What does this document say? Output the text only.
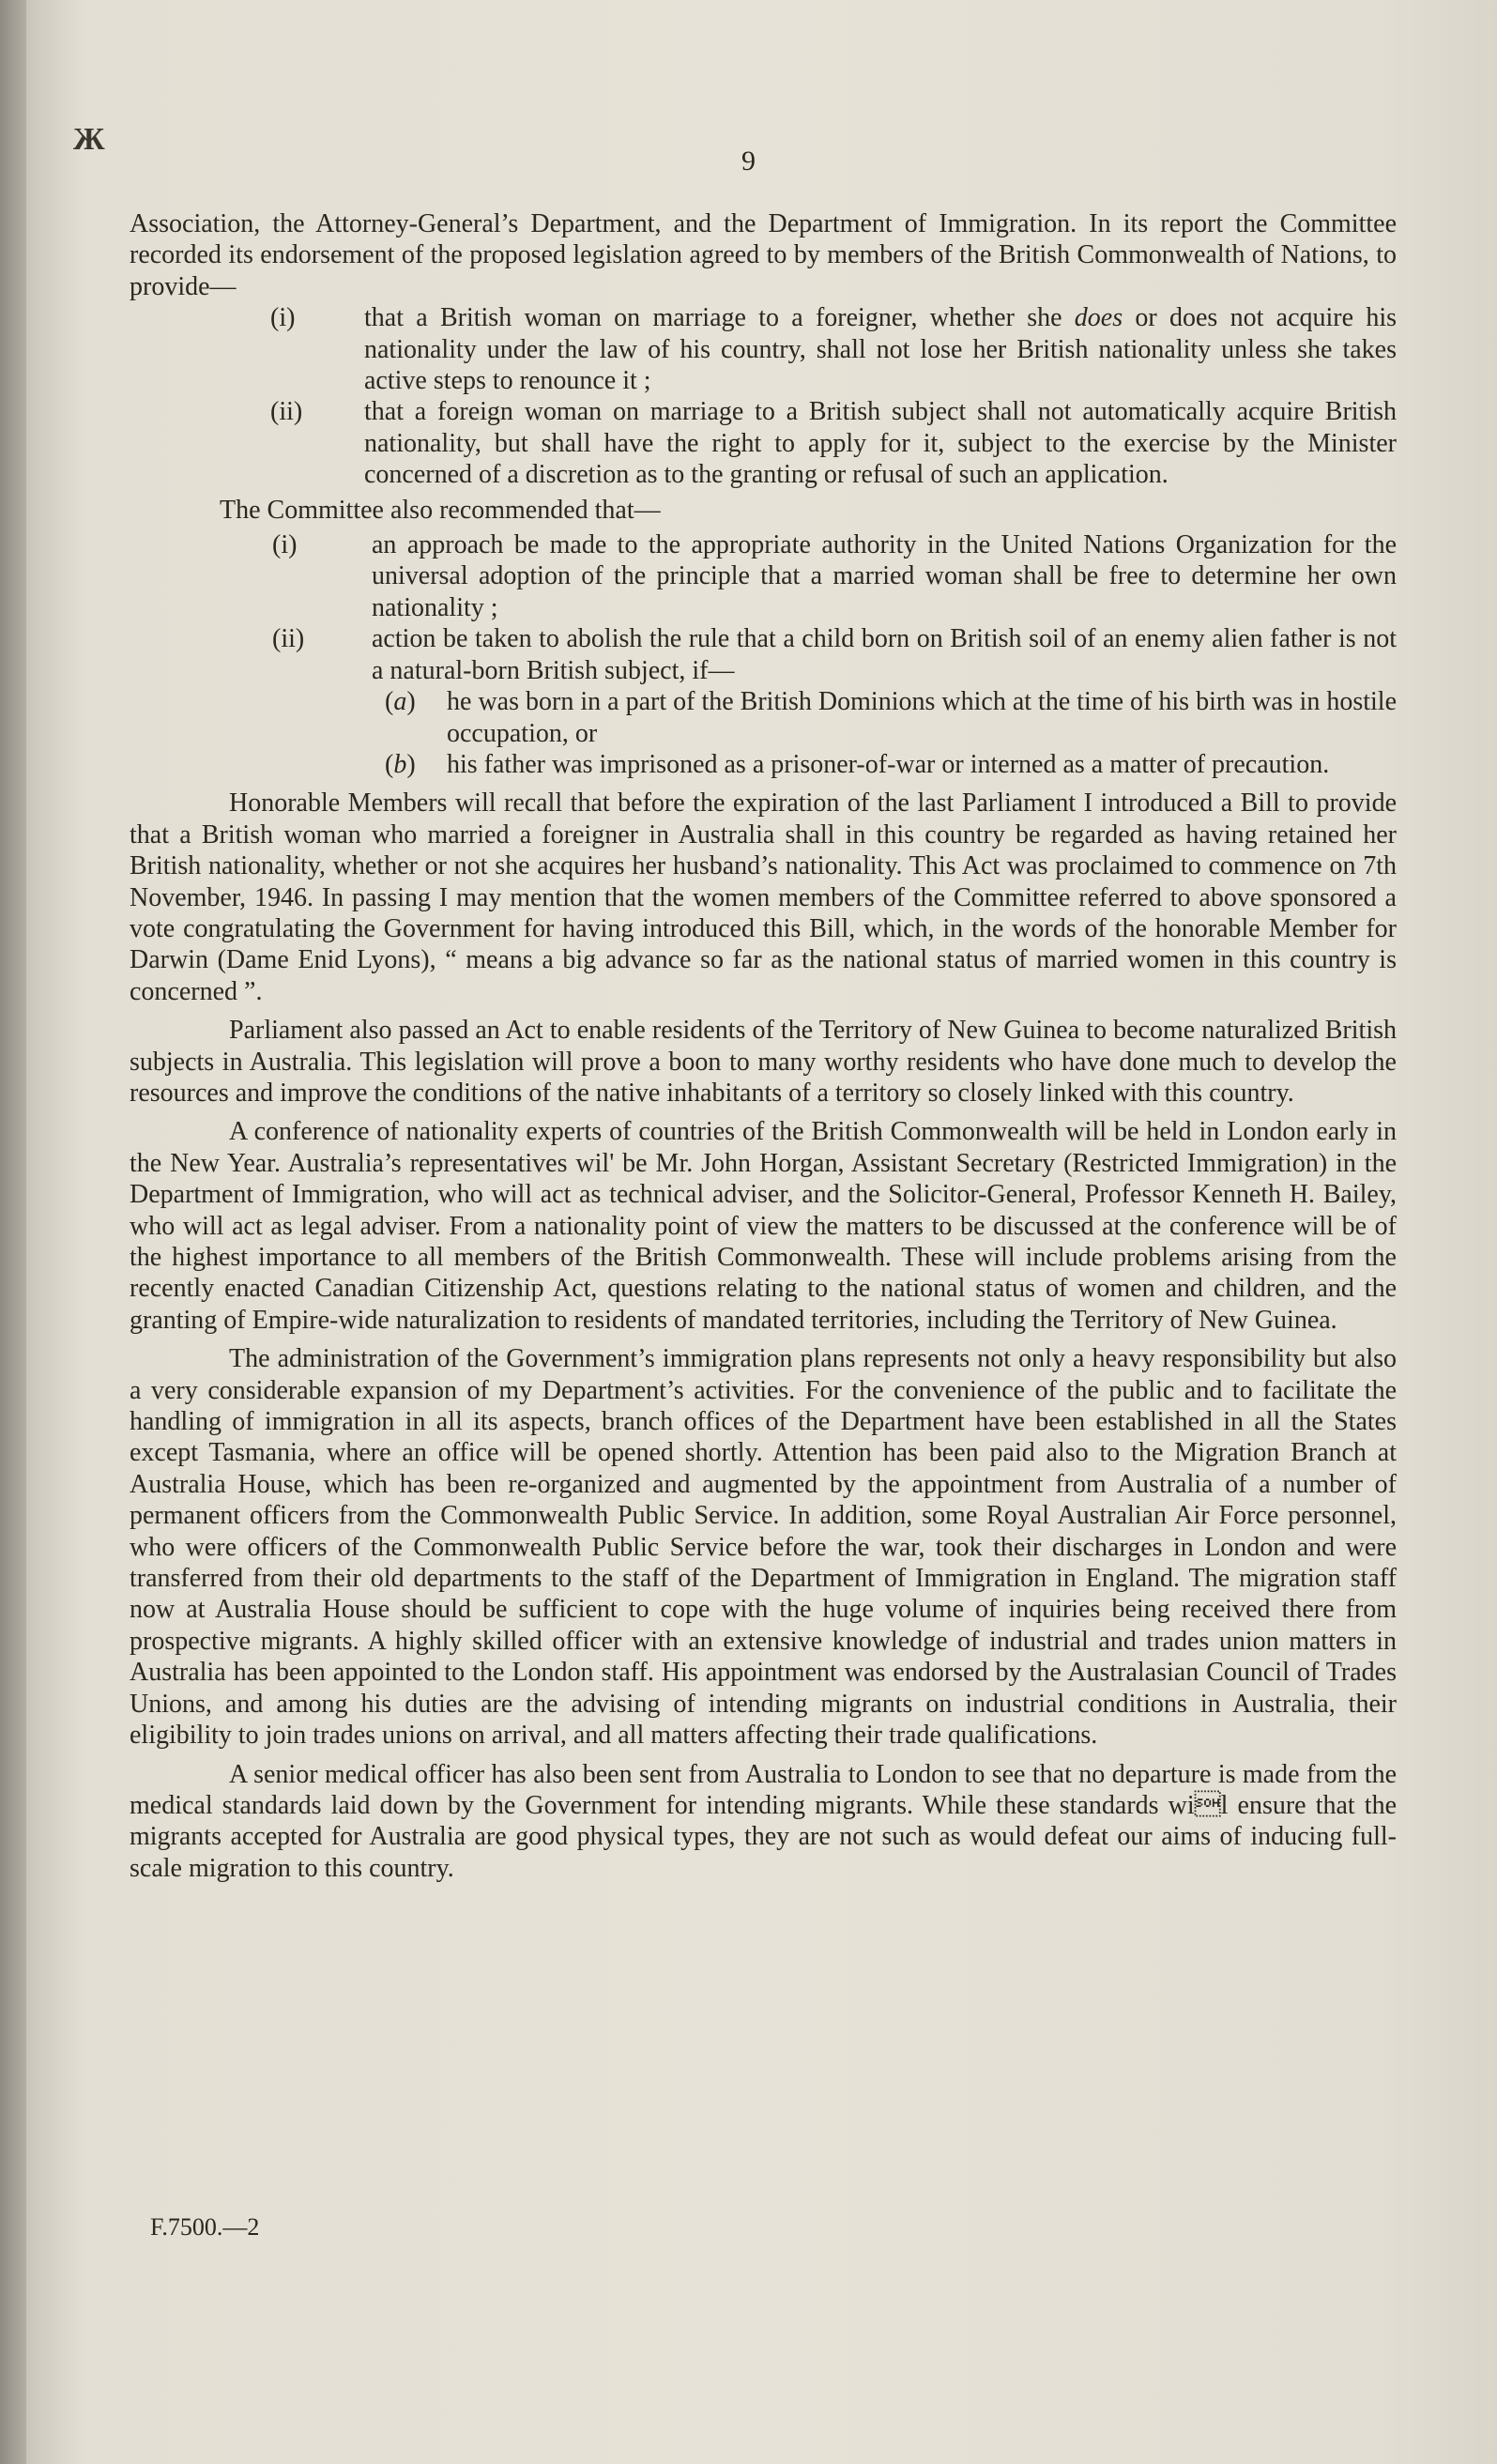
Ж
9

Association, the Attorney-General’s Department, and the Department of Immigration. In its report the Committee recorded its endorsement of the proposed legislation agreed to by members of the British Commonwealth of Nations, to provide—

(i)	that a British woman on marriage to a foreigner, whether she does or does not acquire his nationality under the law of his country, shall not lose her British nationality unless she takes active steps to renounce it ;
(ii) that a foreign woman on marriage to a British subject shall not automatically acquire British nationality, but shall have the right to apply for it, subject to the exercise by the Minister concerned of a discretion as to the granting or refusal of such an application.

The Committee also recommended that—

(i)	an approach be made to the appropriate authority in the United Nations Organization for the universal adoption of the principle that a married woman shall be free to determine her own nationality ;
(ii)	action be taken to abolish the rule that a child born on British soil of an enemy alien father is not a natural-born British subject, if—
(a) he was born in a part of the British Dominions which at the time of his birth was in hostile occupation, or
(b) his father was imprisoned as a prisoner-of-war or interned as a matter of precaution.

Honorable Members will recall that before the expiration of the last Parliament I introduced a Bill to provide that a British woman who married a foreigner in Australia shall in this country be regarded as having retained her British nationality, whether or not she acquires her husband’s nationality. This Act was proclaimed to commence on 7th November, 1946. In passing I may mention that the women members of the Committee referred to above sponsored a vote congratulating the Government for having introduced this Bill, which, in the words of the honorable Member for Darwin (Dame Enid Lyons), “ means a big advance so far as the national status of married women in this country is concerned ”.

Parliament also passed an Act to enable residents of the Territory of New Guinea to become naturalized British subjects in Australia. This legislation will prove a boon to many worthy residents who have done much to develop the resources and improve the conditions of the native inhabitants of a territory so closely linked with this country.

A conference of nationality experts of countries of the British Commonwealth will be held in London early in the New Year. Australia’s representatives wil' be Mr. John Horgan, Assistant Secretary (Restricted Immigration) in the Department of Immigration, who will act as technical adviser, and the Solicitor-General, Professor Kenneth H. Bailey, who will act as legal adviser. From a nationality point of view the matters to be discussed at the conference will be of the highest importance to all members of the British Commonwealth. These will include problems arising from the recently enacted Canadian Citizenship Act, questions relating to the national status of women and children, and the granting of Empire-wide naturalization to residents of mandated territories, including the Territory of New Guinea.

The administration of the Government’s immigration plans represents not only a heavy responsibility but also a very considerable expansion of my Department’s activities. For the convenience of the public and to facilitate the handling of immigration in all its aspects, branch offices of the Department have been established in all the States except Tasmania, where an office will be opened shortly. Attention has been paid also to the Migration Branch at Australia House, which has been re-organized and augmented by the appointment from Australia of a number of permanent officers from the Commonwealth Public Service. In addition, some Royal Australian Air Force personnel, who were officers of the Commonwealth Public Service before the war, took their discharges in London and were transferred from their old departments to the staff of the Department of Immigration in England. The migration staff now at Australia House should be sufficient to cope with the huge volume of inquiries being received there from prospective migrants. A highly skilled officer with an extensive knowledge of industrial and trades union matters in Australia has been appointed to the London staff. His appointment was endorsed by the Australasian Council of Trades Unions, and among his duties are the advising of intending migrants on industrial conditions in Australia, their eligibility to join trades unions on arrival, and all matters affecting their trade qualifications.

A senior medical officer has also been sent from Australia to London to see that no departure is made from the medical standards laid down by the Government for intending migrants. While these standards wil ensure that the migrants accepted for Australia are good physical types, they are not such as would defeat our aims of inducing full-scale migration to this country.

F.7500.—2
